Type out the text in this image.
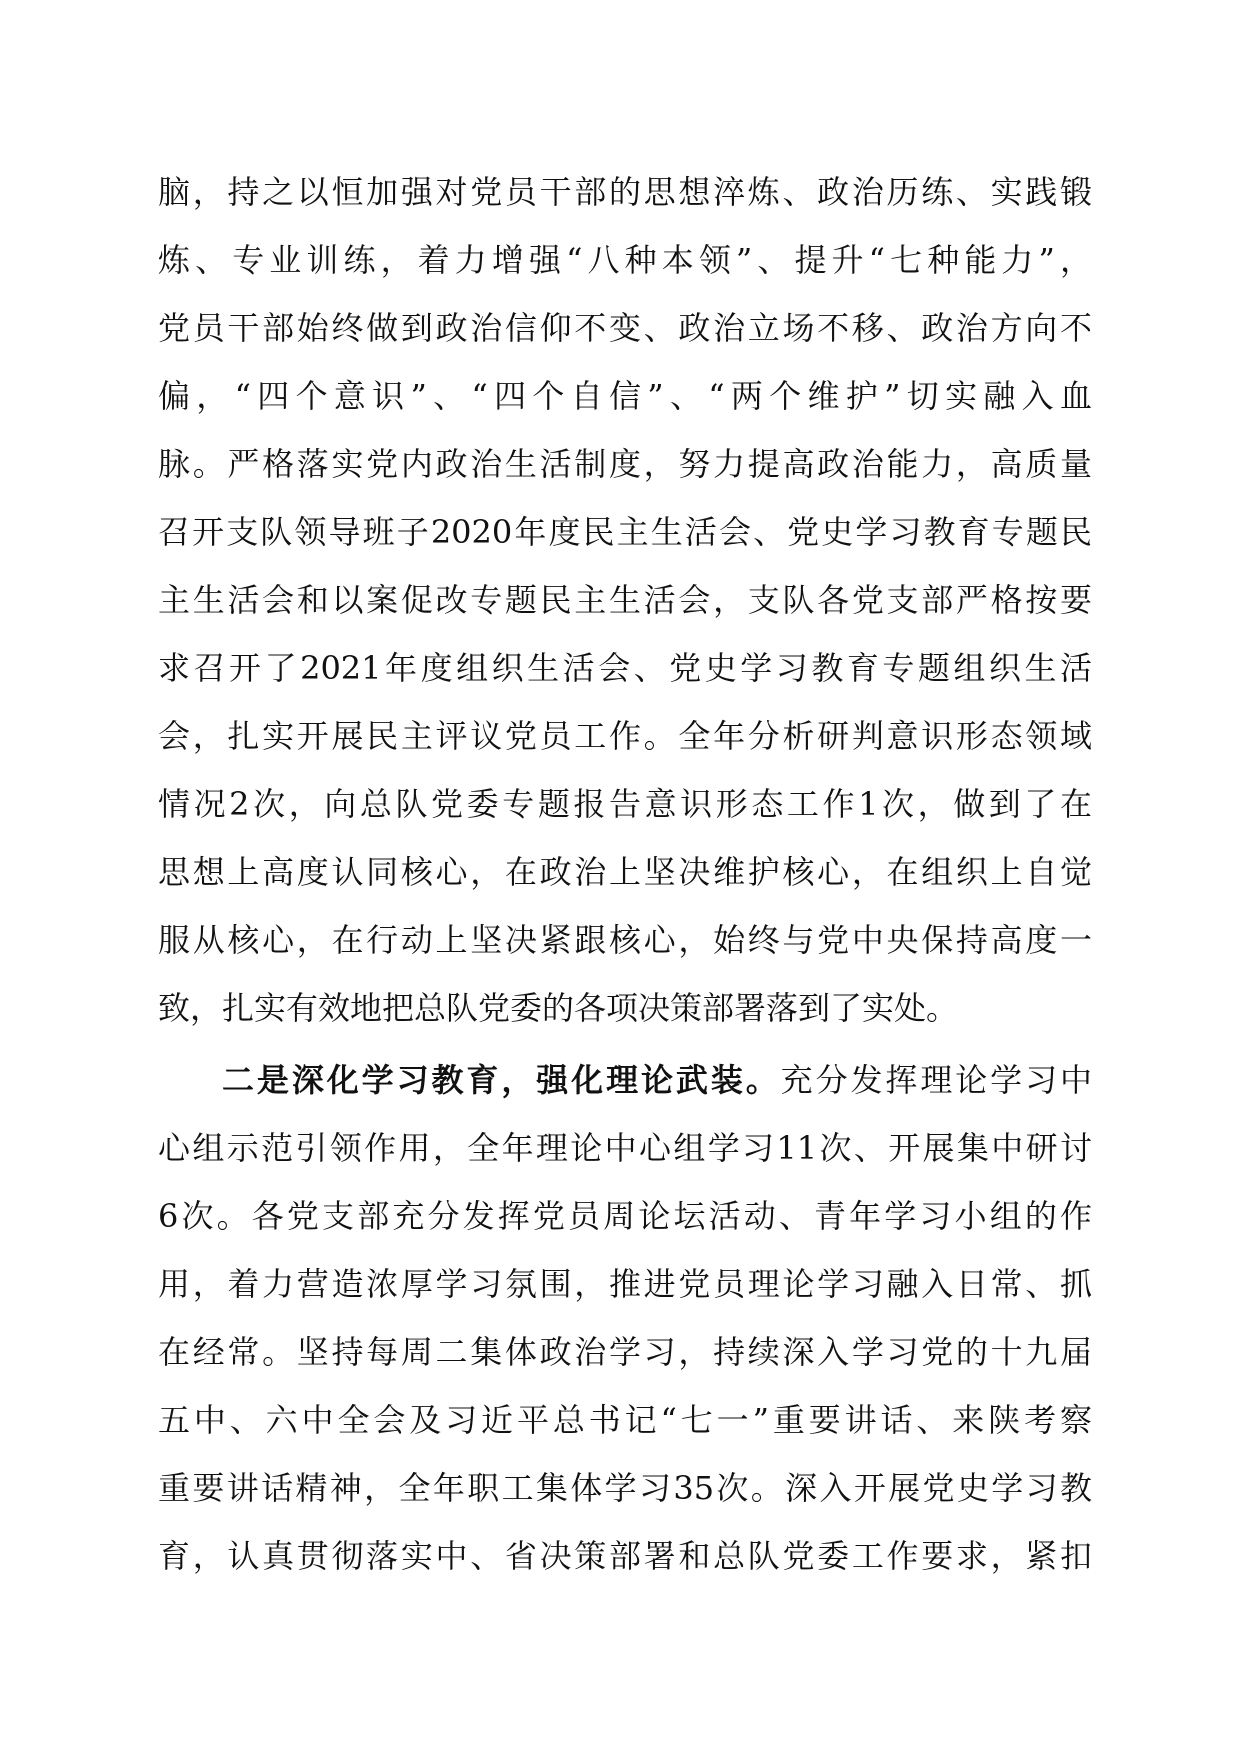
脑，持之以恒加强对党员干部的思想淬炼、政治历练、实践锻
炼、专业训练，着力增强“八种本领”、提升“七种能力”，
党员干部始终做到政治信仰不变、政治立场不移、政治方向不
偏，“四个意识”、“四个自信”、“两个维护”切实融入血
脉。严格落实党内政治生活制度，努力提高政治能力，高质量
召开支队领导班子2020年度民主生活会、党史学习教育专题民
主生活会和以案促改专题民主生活会，支队各党支部严格按要
求召开了2021年度组织生活会、党史学习教育专题组织生活
会，扎实开展民主评议党员工作。全年分析研判意识形态领域
情况2次，向总队党委专题报告意识形态工作1次，做到了在
思想上高度认同核心，在政治上坚决维护核心，在组织上自觉
服从核心，在行动上坚决紧跟核心，始终与党中央保持高度一
致，扎实有效地把总队党委的各项决策部署落到了实处。
二是深化学习教育，强化理论武装。充分发挥理论学习中
心组示范引领作用，全年理论中心组学习11次、开展集中研讨
6次。各党支部充分发挥党员周论坛活动、青年学习小组的作
用，着力营造浓厚学习氛围，推进党员理论学习融入日常、抓
在经常。坚持每周二集体政治学习，持续深入学习党的十九届
五中、六中全会及习近平总书记“七一”重要讲话、来陕考察
重要讲话精神，全年职工集体学习35次。深入开展党史学习教
育，认真贯彻落实中、省决策部署和总队党委工作要求，紧扣
